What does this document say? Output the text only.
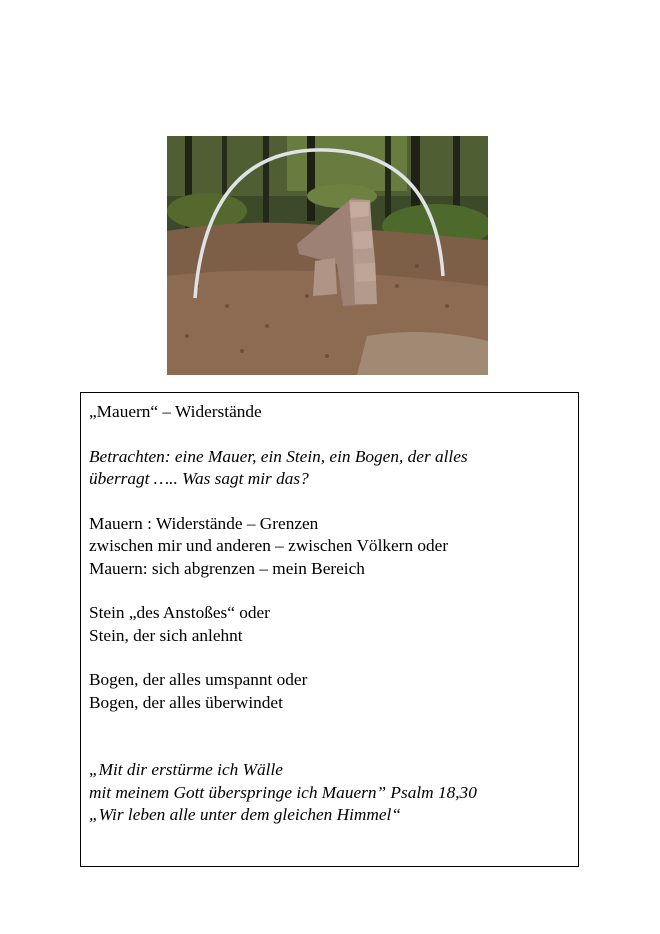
„Mauern“ – Widerstände

Betrachten: eine Mauer, ein Stein, ein Bogen, der alles

überragt ….. Was sagt mir das?

Mauern : Widerstände – Grenzen

zwischen mir und anderen – zwischen Völkern oder

Mauern: sich abgrenzen – mein Bereich

Stein „des Anstoßes“ oder

Stein, der sich anlehnt

Bogen, der alles umspannt oder

Bogen, der alles überwindet

„Mit dir erstürme ich Wälle

mit meinem Gott überspringe ich Mauern” Psalm 18,30

„Wir leben alle unter dem gleichen Himmel“
